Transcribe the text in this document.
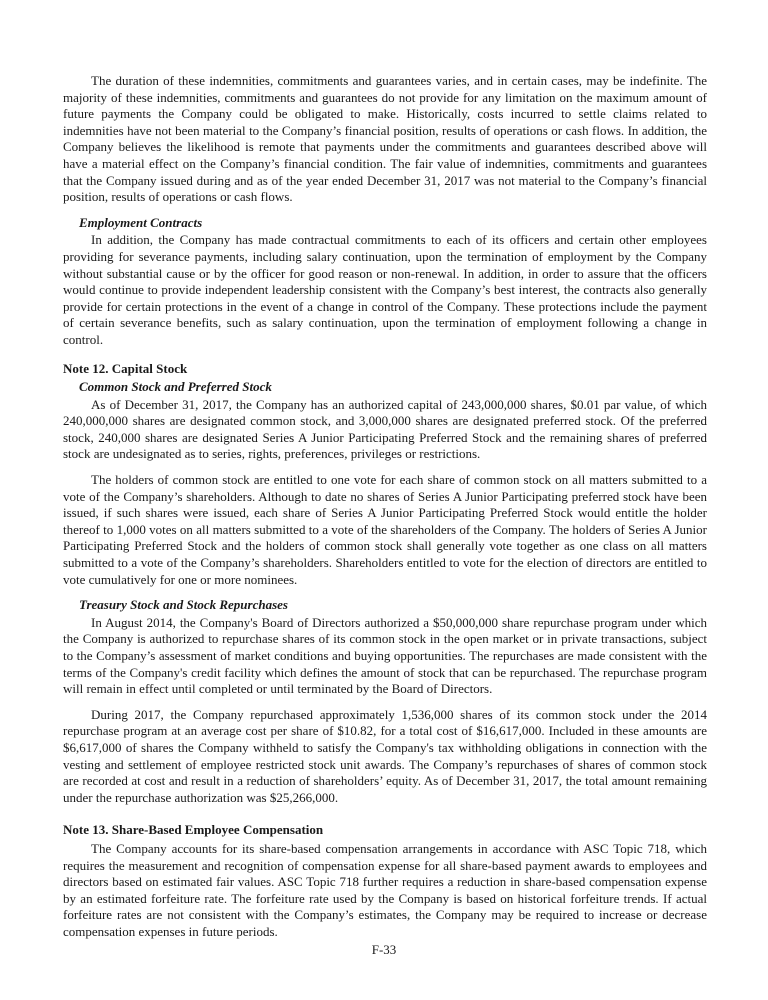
The duration of these indemnities, commitments and guarantees varies, and in certain cases, may be indefinite. The majority of these indemnities, commitments and guarantees do not provide for any limitation on the maximum amount of future payments the Company could be obligated to make. Historically, costs incurred to settle claims related to indemnities have not been material to the Company’s financial position, results of operations or cash flows. In addition, the Company believes the likelihood is remote that payments under the commitments and guarantees described above will have a material effect on the Company’s financial condition. The fair value of indemnities, commitments and guarantees that the Company issued during and as of the year ended December 31, 2017 was not material to the Company’s financial position, results of operations or cash flows.

Employment Contracts

In addition, the Company has made contractual commitments to each of its officers and certain other employees providing for severance payments, including salary continuation, upon the termination of employment by the Company without substantial cause or by the officer for good reason or non-renewal. In addition, in order to assure that the officers would continue to provide independent leadership consistent with the Company’s best interest, the contracts also generally provide for certain protections in the event of a change in control of the Company. These protections include the payment of certain severance benefits, such as salary continuation, upon the termination of employment following a change in control.

Note 12. Capital Stock
Common Stock and Preferred Stock

As of December 31, 2017, the Company has an authorized capital of 243,000,000 shares, $0.01 par value, of which 240,000,000 shares are designated common stock, and 3,000,000 shares are designated preferred stock. Of the preferred stock, 240,000 shares are designated Series A Junior Participating Preferred Stock and the remaining shares of preferred stock are undesignated as to series, rights, preferences, privileges or restrictions.

The holders of common stock are entitled to one vote for each share of common stock on all matters submitted to a vote of the Company’s shareholders. Although to date no shares of Series A Junior Participating preferred stock have been issued, if such shares were issued, each share of Series A Junior Participating Preferred Stock would entitle the holder thereof to 1,000 votes on all matters submitted to a vote of the shareholders of the Company. The holders of Series A Junior Participating Preferred Stock and the holders of common stock shall generally vote together as one class on all matters submitted to a vote of the Company’s shareholders. Shareholders entitled to vote for the election of directors are entitled to vote cumulatively for one or more nominees.

Treasury Stock and Stock Repurchases

In August 2014, the Company's Board of Directors authorized a $50,000,000 share repurchase program under which the Company is authorized to repurchase shares of its common stock in the open market or in private transactions, subject to the Company’s assessment of market conditions and buying opportunities. The repurchases are made consistent with the terms of the Company's credit facility which defines the amount of stock that can be repurchased. The repurchase program will remain in effect until completed or until terminated by the Board of Directors.

During 2017, the Company repurchased approximately 1,536,000 shares of its common stock under the 2014 repurchase program at an average cost per share of $10.82, for a total cost of $16,617,000. Included in these amounts are $6,617,000 of shares the Company withheld to satisfy the Company's tax withholding obligations in connection with the vesting and settlement of employee restricted stock unit awards. The Company’s repurchases of shares of common stock are recorded at cost and result in a reduction of shareholders’ equity. As of December 31, 2017, the total amount remaining under the repurchase authorization was $25,266,000.

Note 13. Share-Based Employee Compensation

The Company accounts for its share-based compensation arrangements in accordance with ASC Topic 718, which requires the measurement and recognition of compensation expense for all share-based payment awards to employees and directors based on estimated fair values. ASC Topic 718 further requires a reduction in share-based compensation expense by an estimated forfeiture rate. The forfeiture rate used by the Company is based on historical forfeiture trends. If actual forfeiture rates are not consistent with the Company’s estimates, the Company may be required to increase or decrease compensation expenses in future periods.

F-33
